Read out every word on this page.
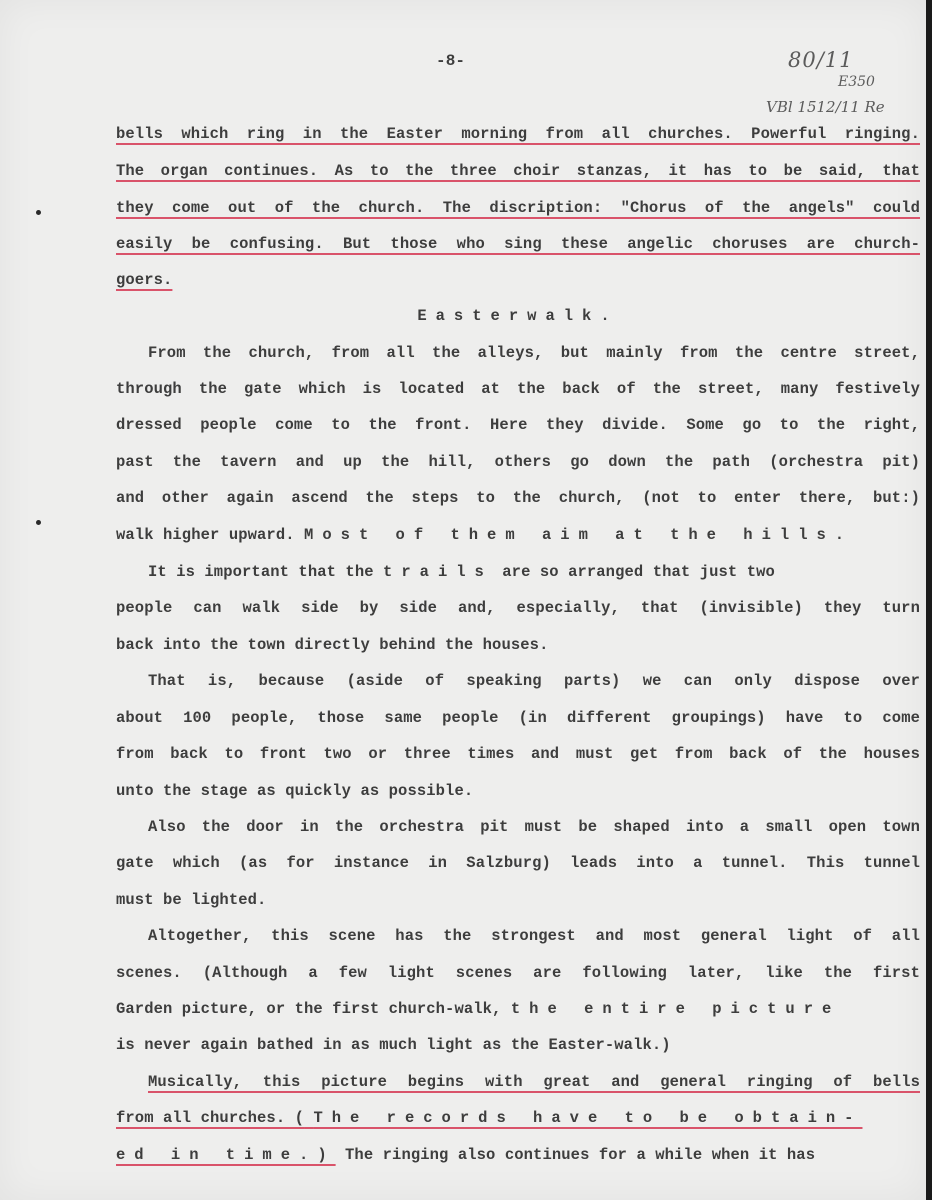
-8-	80/11
E350
VBl 1512/11 Re
bells which ring in the Easter morning from all churches. Powerful ringing.
The organ continues. As to the three choir stanzas, it has to be said, that
they come out of the church. The discription: "Chorus of the angels" could
easily be confusing. But those who sing these angelic choruses are church-
goers.
Easterwalk.
From the church, from all the alleys, but mainly from the centre street,
through the gate which is located at the back of the street, many festively
dressed people come to the front. Here they divide. Some go to the right,
past the tavern and up the hill, others go down the path (orchestra pit)
and other again ascend the steps to the church, (not to enter there, but:)
walk higher upward. Most of them aim at the hills.
It is important that the trails are so arranged that just two
people can walk side by side and, especially, that (invisible) they turn
back into the town directly behind the houses.
That is, because (aside of speaking parts) we can only dispose over
about 100 people, those same people (in different groupings) have to come
from back to front two or three times and must get from back of the houses
unto the stage as quickly as possible.
Also the door in the orchestra pit must be shaped into a small open town
gate which (as for instance in Salzburg) leads into a tunnel. This tunnel
must be lighted.
Altogether, this scene has the strongest and most general light of all
scenes. (Although a few light scenes are following later, like the first
Garden picture, or the first church-walk, the entire picture
is never again bathed in as much light as the Easter-walk.)
Musically, this picture begins with great and general ringing of bells
from all churches. ( The records have to be obtain-
ed in time.) The ringing also continues for a while when it has
